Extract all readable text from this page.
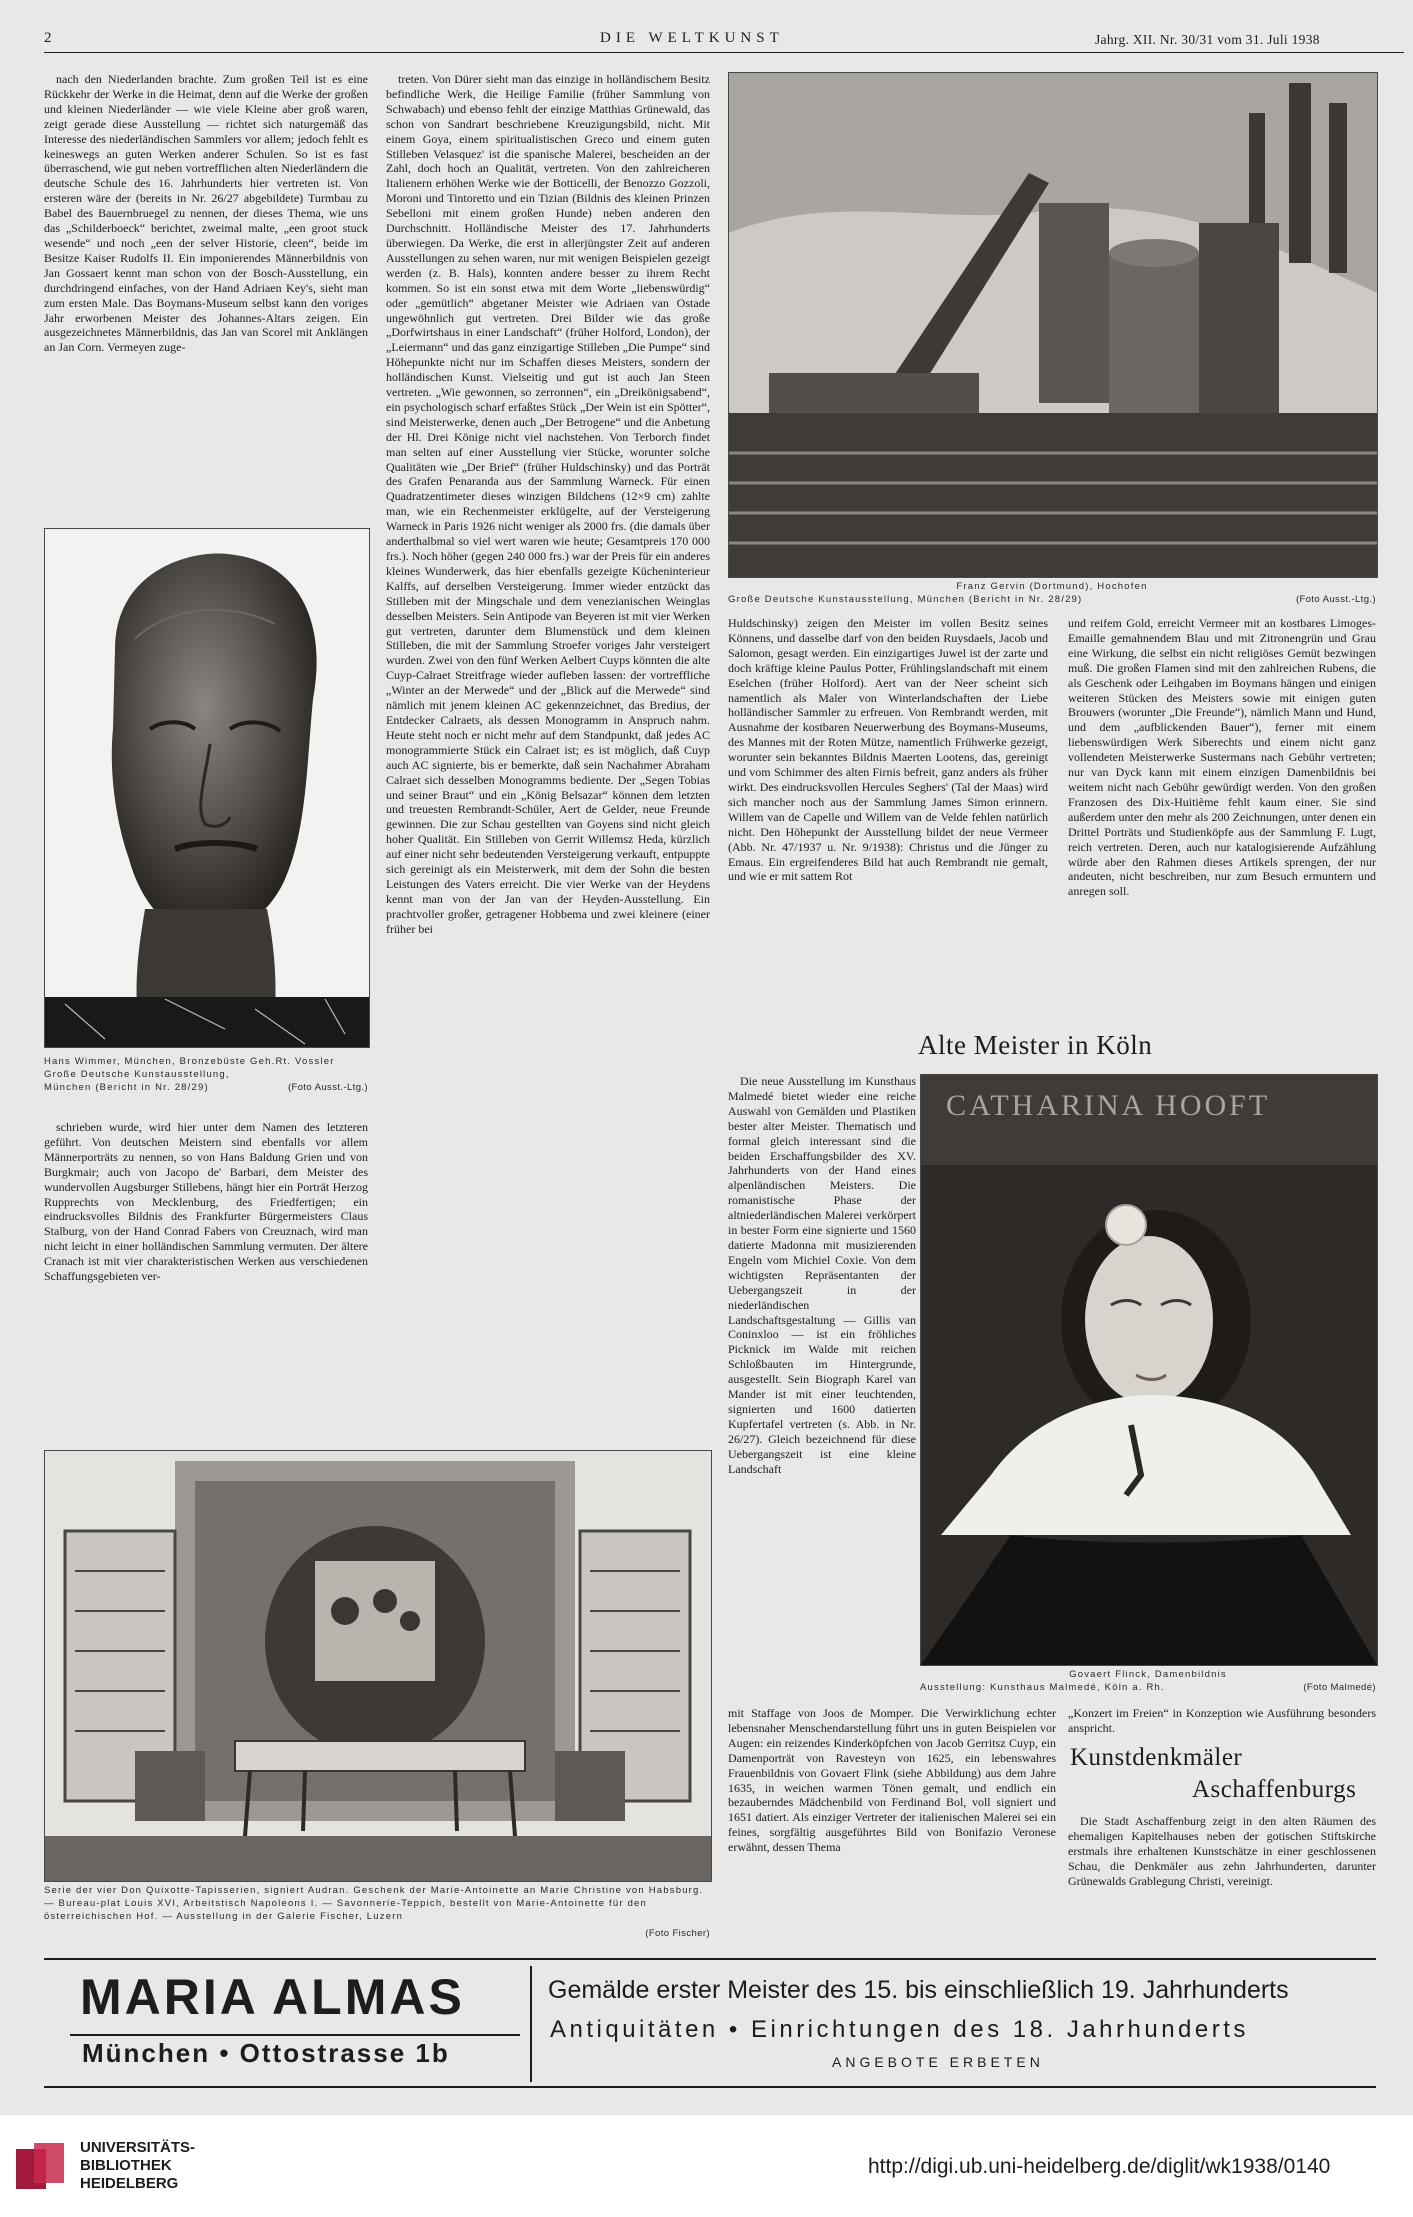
2	DIE WELTKUNST	Jahrg. XII. Nr. 30/31 vom 31. Juli 1938

nach den Niederlanden brachte. Zum großen Teil ist es eine Rückkehr der Werke in die Heimat, denn auf die Werke der großen und kleinen Niederländer — wie viele Kleine aber groß waren, zeigt gerade diese Ausstellung — richtet sich naturgemäß das Interesse des niederländischen Sammlers vor allem; jedoch fehlt es keineswegs an guten Werken anderer Schulen. So ist es fast überraschend, wie gut neben vortrefflichen alten Niederländern die deutsche Schule des 16. Jahrhunderts hier vertreten ist. Von ersteren wäre der (bereits in Nr. 26/27 abgebildete) Turmbau zu Babel des Bauernbruegel zu nennen, der dieses Thema, wie uns das „Schilderboeck“ berichtet, zweimal malte, „een groot stuck wesende“ und noch „een der selver Historie, cleen“, beide im Besitze Kaiser Rudolfs II. Ein imponierendes Männerbildnis von Jan Gossaert kennt man schon von der Bosch-Ausstellung, ein durchdringend einfaches, von der Hand Adriaen Key's, sieht man zum ersten Male. Das Boymans-Museum selbst kann den voriges Jahr erworbenen Meister des Johannes-Altars zeigen. Ein ausgezeichnetes Männerbildnis, das Jan van Scorel mit Anklängen an Jan Corn. Vermeyen zuge-

Hans Wimmer, München, Bronzebüste Geh.Rt. Vossler
Große Deutsche Kunstausstellung,
München (Bericht in Nr. 28/29)	(Foto Ausst.-Ltg.)

schrieben wurde, wird hier unter dem Namen des letzteren geführt. Von deutschen Meistern sind ebenfalls vor allem Männerporträts zu nennen, so von Hans Baldung Grien und von Burgkmair; auch von Jacopo de' Barbari, dem Meister des wundervollen Augsburger Stillebens, hängt hier ein Porträt Herzog Rupprechts von Mecklenburg, des Friedfertigen; ein eindrucksvolles Bildnis des Frankfurter Bürgermeisters Claus Stalburg, von der Hand Conrad Fabers von Creuznach, wird man nicht leicht in einer holländischen Sammlung vermuten. Der ältere Cranach ist mit vier charakteristischen Werken aus verschiedenen Schaffungsgebieten ver-

treten. Von Dürer sieht man das einzige in holländischem Besitz befindliche Werk, die Heilige Familie (früher Sammlung von Schwabach) und ebenso fehlt der einzige Matthias Grünewald, das schon von Sandrart beschriebene Kreuzigungsbild, nicht. Mit einem Goya, einem spiritualistischen Greco und einem guten Stilleben Velasquez' ist die spanische Malerei, bescheiden an der Zahl, doch hoch an Qualität, vertreten. Von den zahlreicheren Italienern erhöhen Werke wie der Botticelli, der Benozzo Gozzoli, Moroni und Tintoretto und ein Tizian (Bildnis des kleinen Prinzen Sebelloni mit einem großen Hunde) neben anderen den Durchschnitt. Holländische Meister des 17. Jahrhunderts überwiegen. Da Werke, die erst in allerjüngster Zeit auf anderen Ausstellungen zu sehen waren, nur mit wenigen Beispielen gezeigt werden (z. B. Hals), konnten andere besser zu ihrem Recht kommen. So ist ein sonst etwa mit dem Worte „liebenswürdig“ oder „gemütlich“ abgetaner Meister wie Adriaen van Ostade ungewöhnlich gut vertreten. Drei Bilder wie das große „Dorfwirtshaus in einer Landschaft“ (früher Holford, London), der „Leiermann“ und das ganz einzigartige Stilleben „Die Pumpe“ sind Höhepunkte nicht nur im Schaffen dieses Meisters, sondern der holländischen Kunst. Vielseitig und gut ist auch Jan Steen vertreten. „Wie gewonnen, so zerronnen“, ein „Dreikönigsabend“, ein psychologisch scharf erfaßtes Stück „Der Wein ist ein Spötter“, sind Meisterwerke, denen auch „Der Betrogene“ und die Anbetung der Hl. Drei Könige nicht viel nachstehen. Von Terborch findet man selten auf einer Ausstellung vier Stücke, worunter solche Qualitäten wie „Der Brief“ (früher Huldschinsky) und das Porträt des Grafen Penaranda aus der Sammlung Warneck. Für einen Quadratzentimeter dieses winzigen Bildchens (12×9 cm) zahlte man, wie ein Rechenmeister erklügelte, auf der Versteigerung Warneck in Paris 1926 nicht weniger als 2000 frs. (die damals über anderthalbmal so viel wert waren wie heute; Gesamtpreis 170 000 frs.). Noch höher (gegen 240 000 frs.) war der Preis für ein anderes kleines Wunderwerk, das hier ebenfalls gezeigte Kücheninterieur Kalffs, auf derselben Versteigerung. Immer wieder entzückt das Stilleben mit der Mingschale und dem venezianischen Weinglas desselben Meisters. Sein Antipode van Beyeren ist mit vier Werken gut vertreten, darunter dem Blumenstück und dem kleinen Stilleben, die mit der Sammlung Stroefer voriges Jahr versteigert wurden. Zwei von den fünf Werken Aelbert Cuyps könnten die alte Cuyp-Calraet Streitfrage wieder aufleben lassen: der vortreffliche „Winter an der Merwede“ und der „Blick auf die Merwede“ sind nämlich mit jenem kleinen AC gekennzeichnet, das Bredius, der Entdecker Calraets, als dessen Monogramm in Anspruch nahm. Heute steht noch er nicht mehr auf dem Standpunkt, daß jedes AC monogrammierte Stück ein Calraet ist; es ist möglich, daß Cuyp auch AC signierte, bis er bemerkte, daß sein Nachahmer Abraham Calraet sich desselben Monogramms bediente. Der „Segen Tobias und seiner Braut“ und ein „König Belsazar“ können dem letzten und treuesten Rembrandt-Schüler, Aert de Gelder, neue Freunde gewinnen. Die zur Schau gestellten van Goyens sind nicht gleich hoher Qualität. Ein Stilleben von Gerrit Willemsz Heda, kürzlich auf einer nicht sehr bedeutenden Versteigerung verkauft, entpuppte sich gereinigt als ein Meisterwerk, mit dem der Sohn die besten Leistungen des Vaters erreicht. Die vier Werke van der Heydens kennt man von der Jan van der Heyden-Ausstellung. Ein prachtvoller großer, getragener Hobbema und zwei kleinere (einer früher bei

Serie der vier Don Quixotte-Tapisserien, signiert Audran. Geschenk der Marie-Antoinette an Marie Christine von Habsburg. — Bureau-plat Louis XVI, Arbeitstisch Napoleons I. — Savonnerie-Teppich, bestellt von Marie-Antoinette für den österreichischen Hof. — Ausstellung in der Galerie Fischer, Luzern
(Foto Fischer)
Franz Gervin (Dortmund), Hochofen
Große Deutsche Kunstausstellung, München (Bericht in Nr. 28/29)	(Foto Ausst.-Ltg.)

Huldschinsky) zeigen den Meister im vollen Besitz seines Könnens, und dasselbe darf von den beiden Ruysdaels, Jacob und Salomon, gesagt werden. Ein einzigartiges Juwel ist der zarte und doch kräftige kleine Paulus Potter, Frühlingslandschaft mit einem Eselchen (früher Holford). Aert van der Neer scheint sich namentlich als Maler von Winterlandschaften der Liebe holländischer Sammler zu erfreuen. Von Rembrandt werden, mit Ausnahme der kostbaren Neuerwerbung des Boymans-Museums, des Mannes mit der Roten Mütze, namentlich Frühwerke gezeigt, worunter sein bekanntes Bildnis Maerten Lootens, das, gereinigt und vom Schimmer des alten Firnis befreit, ganz anders als früher wirkt. Des eindrucksvollen Hercules Seghers' (Tal der Maas) wird sich mancher noch aus der Sammlung James Simon erinnern. Willem van de Capelle und Willem van de Velde fehlen natürlich nicht. Den Höhepunkt der Ausstellung bildet der neue Vermeer (Abb. Nr. 47/1937 u. Nr. 9/1938): Christus und die Jünger zu Emaus. Ein ergreifenderes Bild hat auch Rembrandt nie gemalt, und wie er mit sattem Rot

und reifem Gold, erreicht Vermeer mit an kostbares Limoges-Emaille gemahnendem Blau und mit Zitronengrün und Grau eine Wirkung, die selbst ein nicht religiöses Gemüt bezwingen muß. Die großen Flamen sind mit den zahlreichen Rubens, die als Geschenk oder Leihgaben im Boymans hängen und einigen weiteren Stücken des Meisters sowie mit einigen guten Brouwers (worunter „Die Freunde“), nämlich Mann und Hund, und dem „aufblickenden Bauer“), ferner mit einem liebenswürdigen Werk Siberechts und einem nicht ganz vollendeten Meisterwerke Sustermans nach Gebühr vertreten; nur van Dyck kann mit einem einzigen Damenbildnis bei weitem nicht nach Gebühr gewürdigt werden. Von den großen Franzosen des Dix-Huitième fehlt kaum einer. Sie sind außerdem unter den mehr als 200 Zeichnungen, unter denen ein Drittel Porträts und Studienköpfe aus der Sammlung F. Lugt, reich vertreten. Deren, auch nur katalogisierende Aufzählung würde aber den Rahmen dieses Artikels sprengen, der nur andeuten, nicht beschreiben, nur zum Besuch ermuntern und anregen soll.

Alte Meister in Köln

Die neue Ausstellung im Kunsthaus Malmedé bietet wieder eine reiche Auswahl von Gemälden und Plastiken bester alter Meister. Thematisch und formal gleich interessant sind die beiden Erschaffungsbilder des XV. Jahrhunderts von der Hand eines alpenländischen Meisters. Die romanistische Phase der altniederländischen Malerei verkörpert in bester Form eine signierte und 1560 datierte Madonna mit musizierenden Engeln vom Michiel Coxie. Von dem wichtigsten Repräsentanten der Uebergangszeit in der niederländischen Landschaftsgestaltung — Gillis van Coninxloo — ist ein fröhliches Picknick im Walde mit reichen Schloßbauten im Hintergrunde, ausgestellt. Sein Biograph Karel van Mander ist mit einer leuchtenden, signierten und 1600 datierten Kupfertafel vertreten (s. Abb. in Nr. 26/27). Gleich bezeichnend für diese Uebergangszeit ist eine kleine Landschaft

CATHARINA HOOFT
Govaert Flinck, Damenbildnis
Ausstellung: Kunsthaus Malmedé, Köln a. Rh.	(Foto Malmedé)

mit Staffage von Joos de Momper. Die Verwirklichung echter lebensnaher Menschendarstellung führt uns in guten Beispielen vor Augen: ein reizendes Kinderköpfchen von Jacob Gerritsz Cuyp, ein Damenporträt von Ravesteyn von 1625, ein lebenswahres Frauenbildnis von Govaert Flink (siehe Abbildung) aus dem Jahre 1635, in weichen warmen Tönen gemalt, und endlich ein bezauberndes Mädchenbild von Ferdinand Bol, voll signiert und 1651 datiert. Als einziger Vertreter der italienischen Malerei sei ein feines, sorgfältig ausgeführtes Bild von Bonifazio Veronese erwähnt, dessen Thema

„Konzert im Freien“ in Konzeption wie Ausführung besonders anspricht.

Kunstdenkmäler
Aschaffenburgs

Die Stadt Aschaffenburg zeigt in den alten Räumen des ehemaligen Kapitelhauses neben der gotischen Stiftskirche erstmals ihre erhaltenen Kunstschätze in einer geschlossenen Schau, die Denkmäler aus zehn Jahrhunderten, darunter Grünewalds Grablegung Christi, vereinigt.

MARIA ALMAS
München • Ottostrasse 1b
Gemälde erster Meister des 15. bis einschließlich 19. Jahrhunderts
Antiquitäten • Einrichtungen des 18. Jahrhunderts
ANGEBOTE ERBETEN
UNIVERSITÄTS-
BIBLIOTHEK
HEIDELBERG
http://digi.ub.uni-heidelberg.de/diglit/wk1938/0140
